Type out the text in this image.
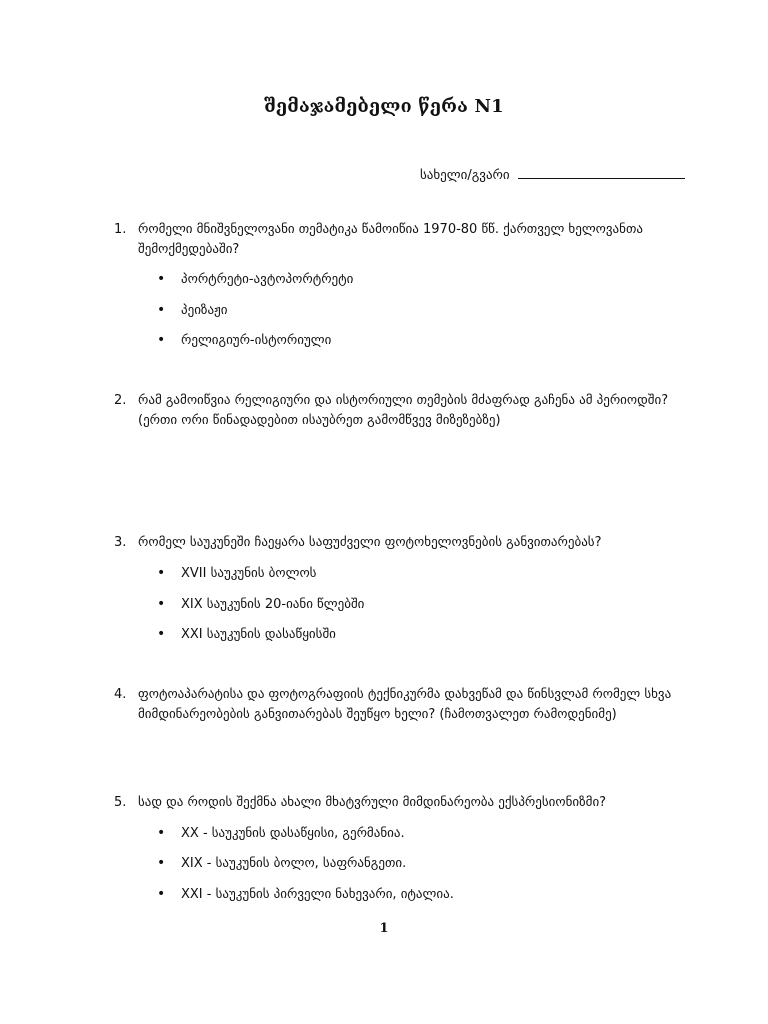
შემაჯამებელი წერა N1
სახელი/გვარი
1. რომელი მნიშვნელოვანი თემატიკა წამოიწია 1970-80 წწ. ქართველ ხელოვანთა შემოქმედებაში?
• პორტრეტი-ავტოპორტრეტი
• პეიზაჟი
• რელიგიურ-ისტორიული
2. რამ გამოიწვია რელიგიური და ისტორიული თემების მძაფრად გაჩენა ამ პერიოდში? (ერთი ორი წინადადებით ისაუბრეთ გამომწვევ მიზეზებზე)
3. რომელ საუკუნეში ჩაეყარა საფუძველი ფოტოხელოვნების განვითარებას?
• XVII საუკუნის ბოლოს
• XIX საუკუნის 20-იანი წლებში
• XXI საუკუნის დასაწყისში
4. ფოტოაპარატისა და ფოტოგრაფიის ტექნიკურმა დახვეწამ და წინსვლამ რომელ სხვა მიმდინარეობების განვითარებას შეუწყო ხელი? (ჩამოთვალეთ რამოდენიმე)
5. სად და როდის შექმნა ახალი მხატვრული მიმდინარეობა ექსპრესიონიზმი?
• XX - საუკუნის დასაწყისი, გერმანია.
• XIX - საუკუნის ბოლო, საფრანგეთი.
• XXI - საუკუნის პირველი ნახევარი, იტალია.
1
